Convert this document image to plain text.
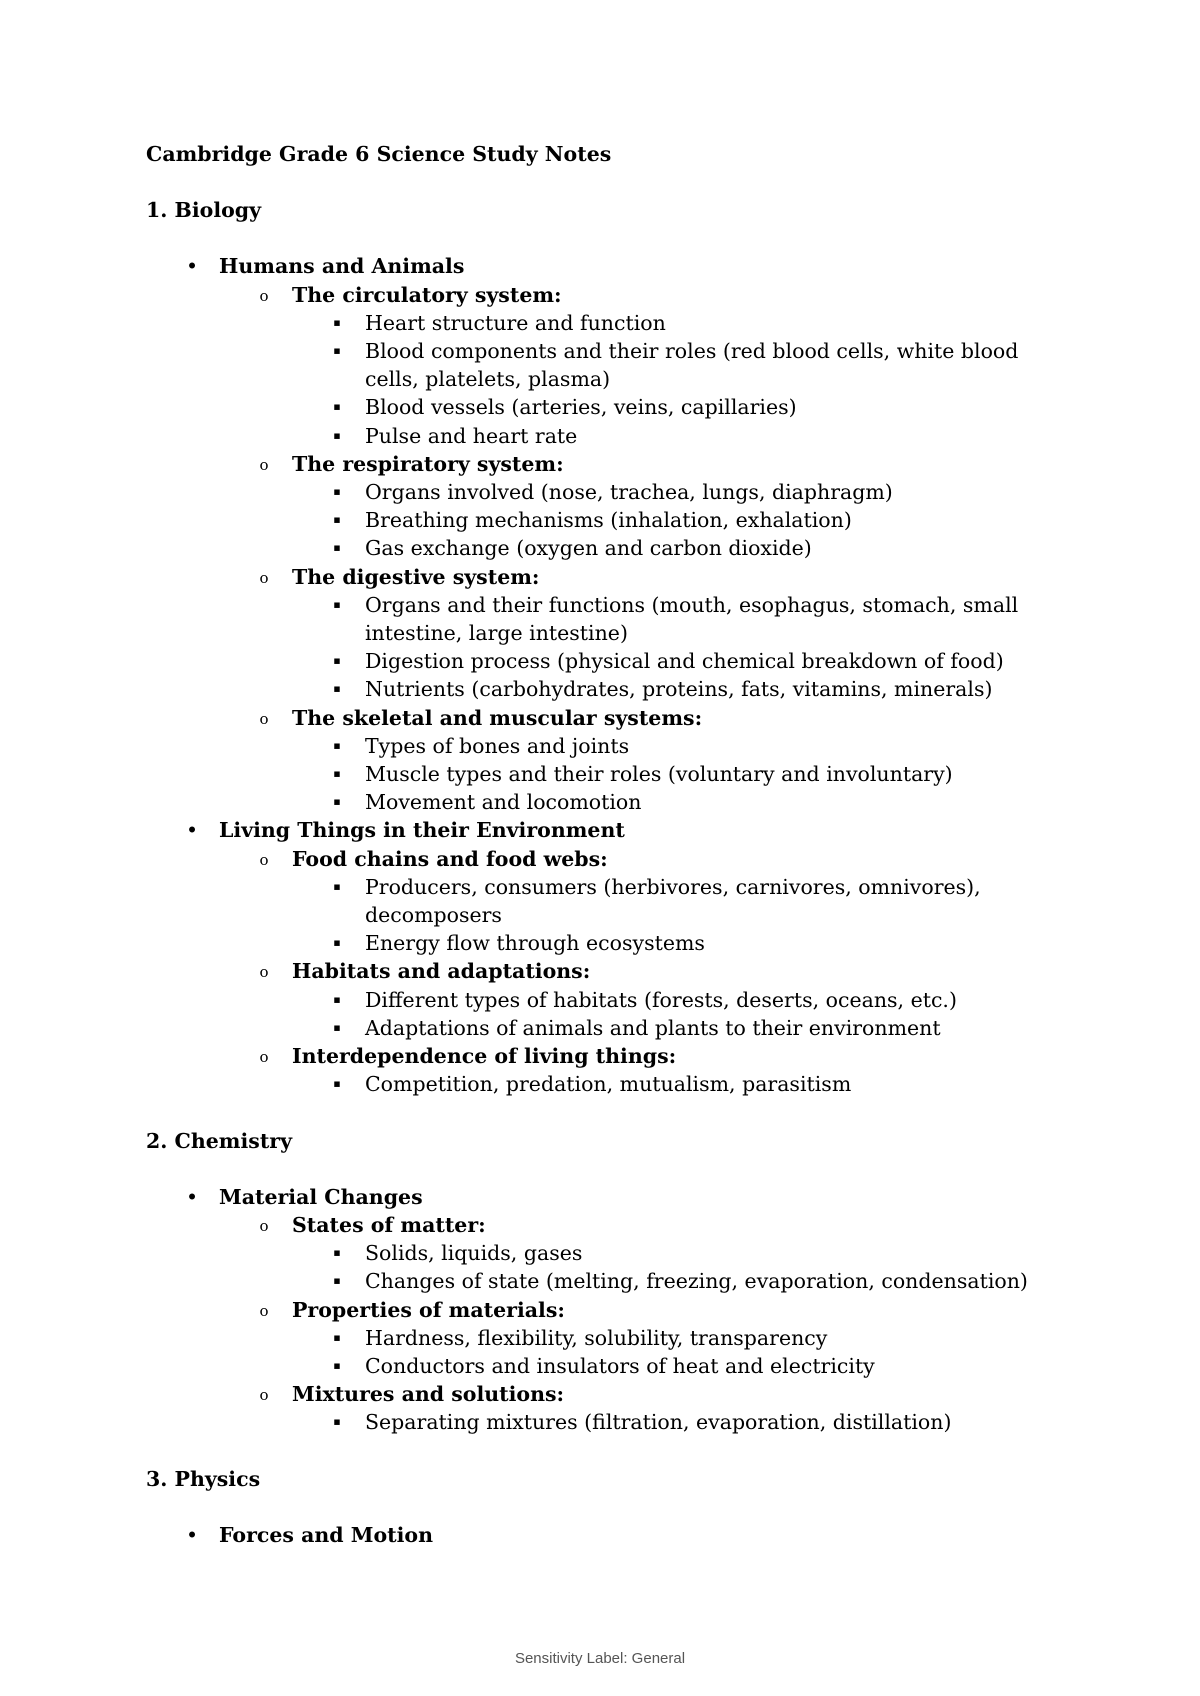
Cambridge Grade 6 Science Study Notes
1. Biology
• Humans and Animals
o The circulatory system:
▪ Heart structure and function
▪ Blood components and their roles (red blood cells, white blood cells, platelets, plasma)
▪ Blood vessels (arteries, veins, capillaries)
▪ Pulse and heart rate
o The respiratory system:
▪ Organs involved (nose, trachea, lungs, diaphragm)
▪ Breathing mechanisms (inhalation, exhalation)
▪ Gas exchange (oxygen and carbon dioxide)
o The digestive system:
▪ Organs and their functions (mouth, esophagus, stomach, small intestine, large intestine)
▪ Digestion process (physical and chemical breakdown of food)
▪ Nutrients (carbohydrates, proteins, fats, vitamins, minerals)
o The skeletal and muscular systems:
▪ Types of bones and joints
▪ Muscle types and their roles (voluntary and involuntary)
▪ Movement and locomotion
• Living Things in their Environment
o Food chains and food webs:
▪ Producers, consumers (herbivores, carnivores, omnivores), decomposers
▪ Energy flow through ecosystems
o Habitats and adaptations:
▪ Different types of habitats (forests, deserts, oceans, etc.)
▪ Adaptations of animals and plants to their environment
o Interdependence of living things:
▪ Competition, predation, mutualism, parasitism
2. Chemistry
• Material Changes
o States of matter:
▪ Solids, liquids, gases
▪ Changes of state (melting, freezing, evaporation, condensation)
o Properties of materials:
▪ Hardness, flexibility, solubility, transparency
▪ Conductors and insulators of heat and electricity
o Mixtures and solutions:
▪ Separating mixtures (filtration, evaporation, distillation)
3. Physics
• Forces and Motion
Sensitivity Label: General
